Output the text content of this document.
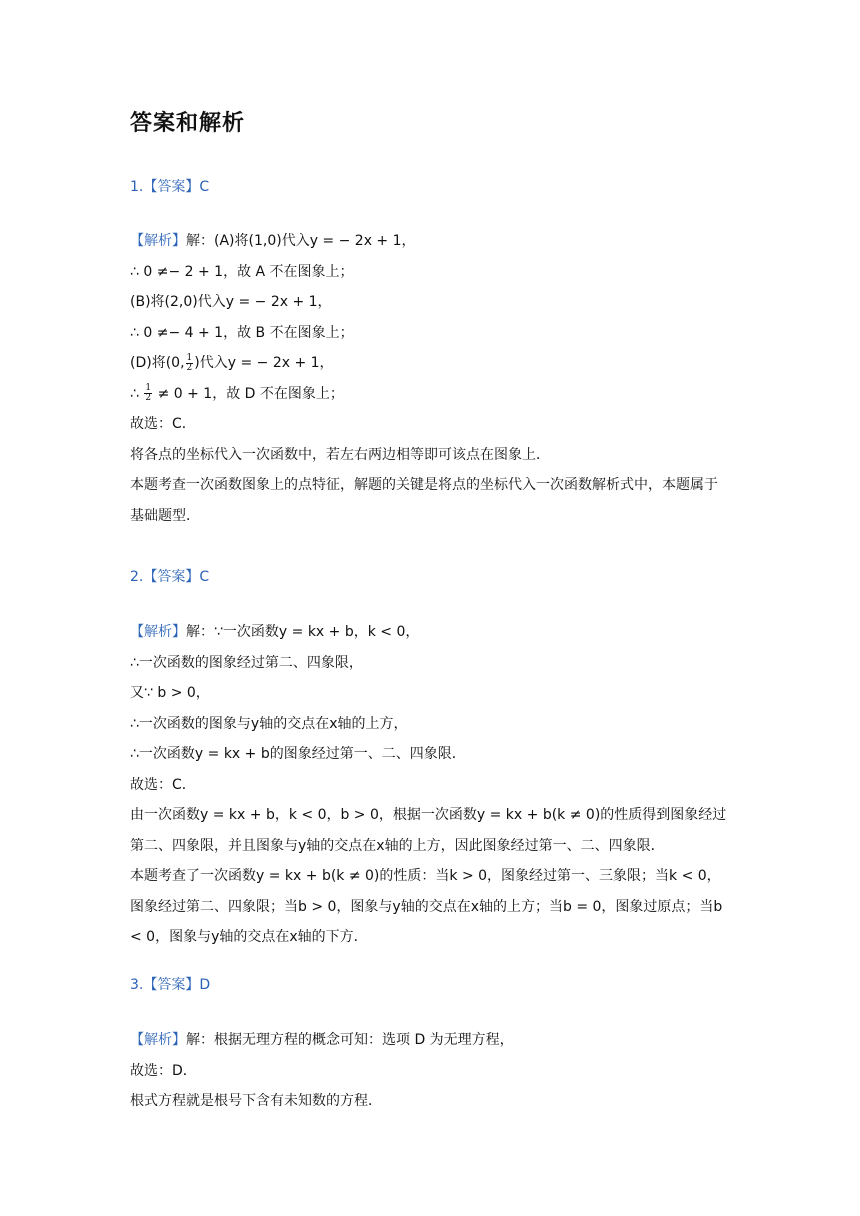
答案和解析
1.【答案】C
【解析】解：(A)将(1,0)代入y = − 2x + 1，
∴ 0 ≠− 2 + 1，故 A 不在图象上；
(B)将(2,0)代入y = − 2x + 1，
∴ 0 ≠− 4 + 1，故 B 不在图象上；
(D)将(0, $\frac{1}{2}$ )代入y = − 2x + 1，
∴ $\frac{1}{2} \ne 0 + 1$，故 D 不在图象上；
故选：C．
将各点的坐标代入一次函数中，若左右两边相等即可该点在图象上．
本题考查一次函数图象上的点特征，解题的关键是将点的坐标代入一次函数解析式中，本题属于基础题型．
2.【答案】C
【解析】解：∵一次函数y = kx + b，k < 0，
∴一次函数的图象经过第二、四象限，
又∵ b > 0，
∴一次函数的图象与y轴的交点在x轴的上方，
∴一次函数y = kx + b的图象经过第一、二、四象限．
故选：C．
由一次函数y = kx + b，k < 0，b > 0，根据一次函数y = kx + b(k ≠ 0)的性质得到图象经过第二、四象限，并且图象与y轴的交点在x轴的上方，因此图象经过第一、二、四象限．
本题考查了一次函数y = kx + b(k ≠ 0)的性质：当k > 0，图象经过第一、三象限；当k < 0，图象经过第二、四象限；当b > 0，图象与y轴的交点在x轴的上方；当b = 0，图象过原点；当b < 0，图象与y轴的交点在x轴的下方．
3.【答案】D
【解析】解：根据无理方程的概念可知：选项 D 为无理方程，
故选：D．
根式方程就是根号下含有未知数的方程．
